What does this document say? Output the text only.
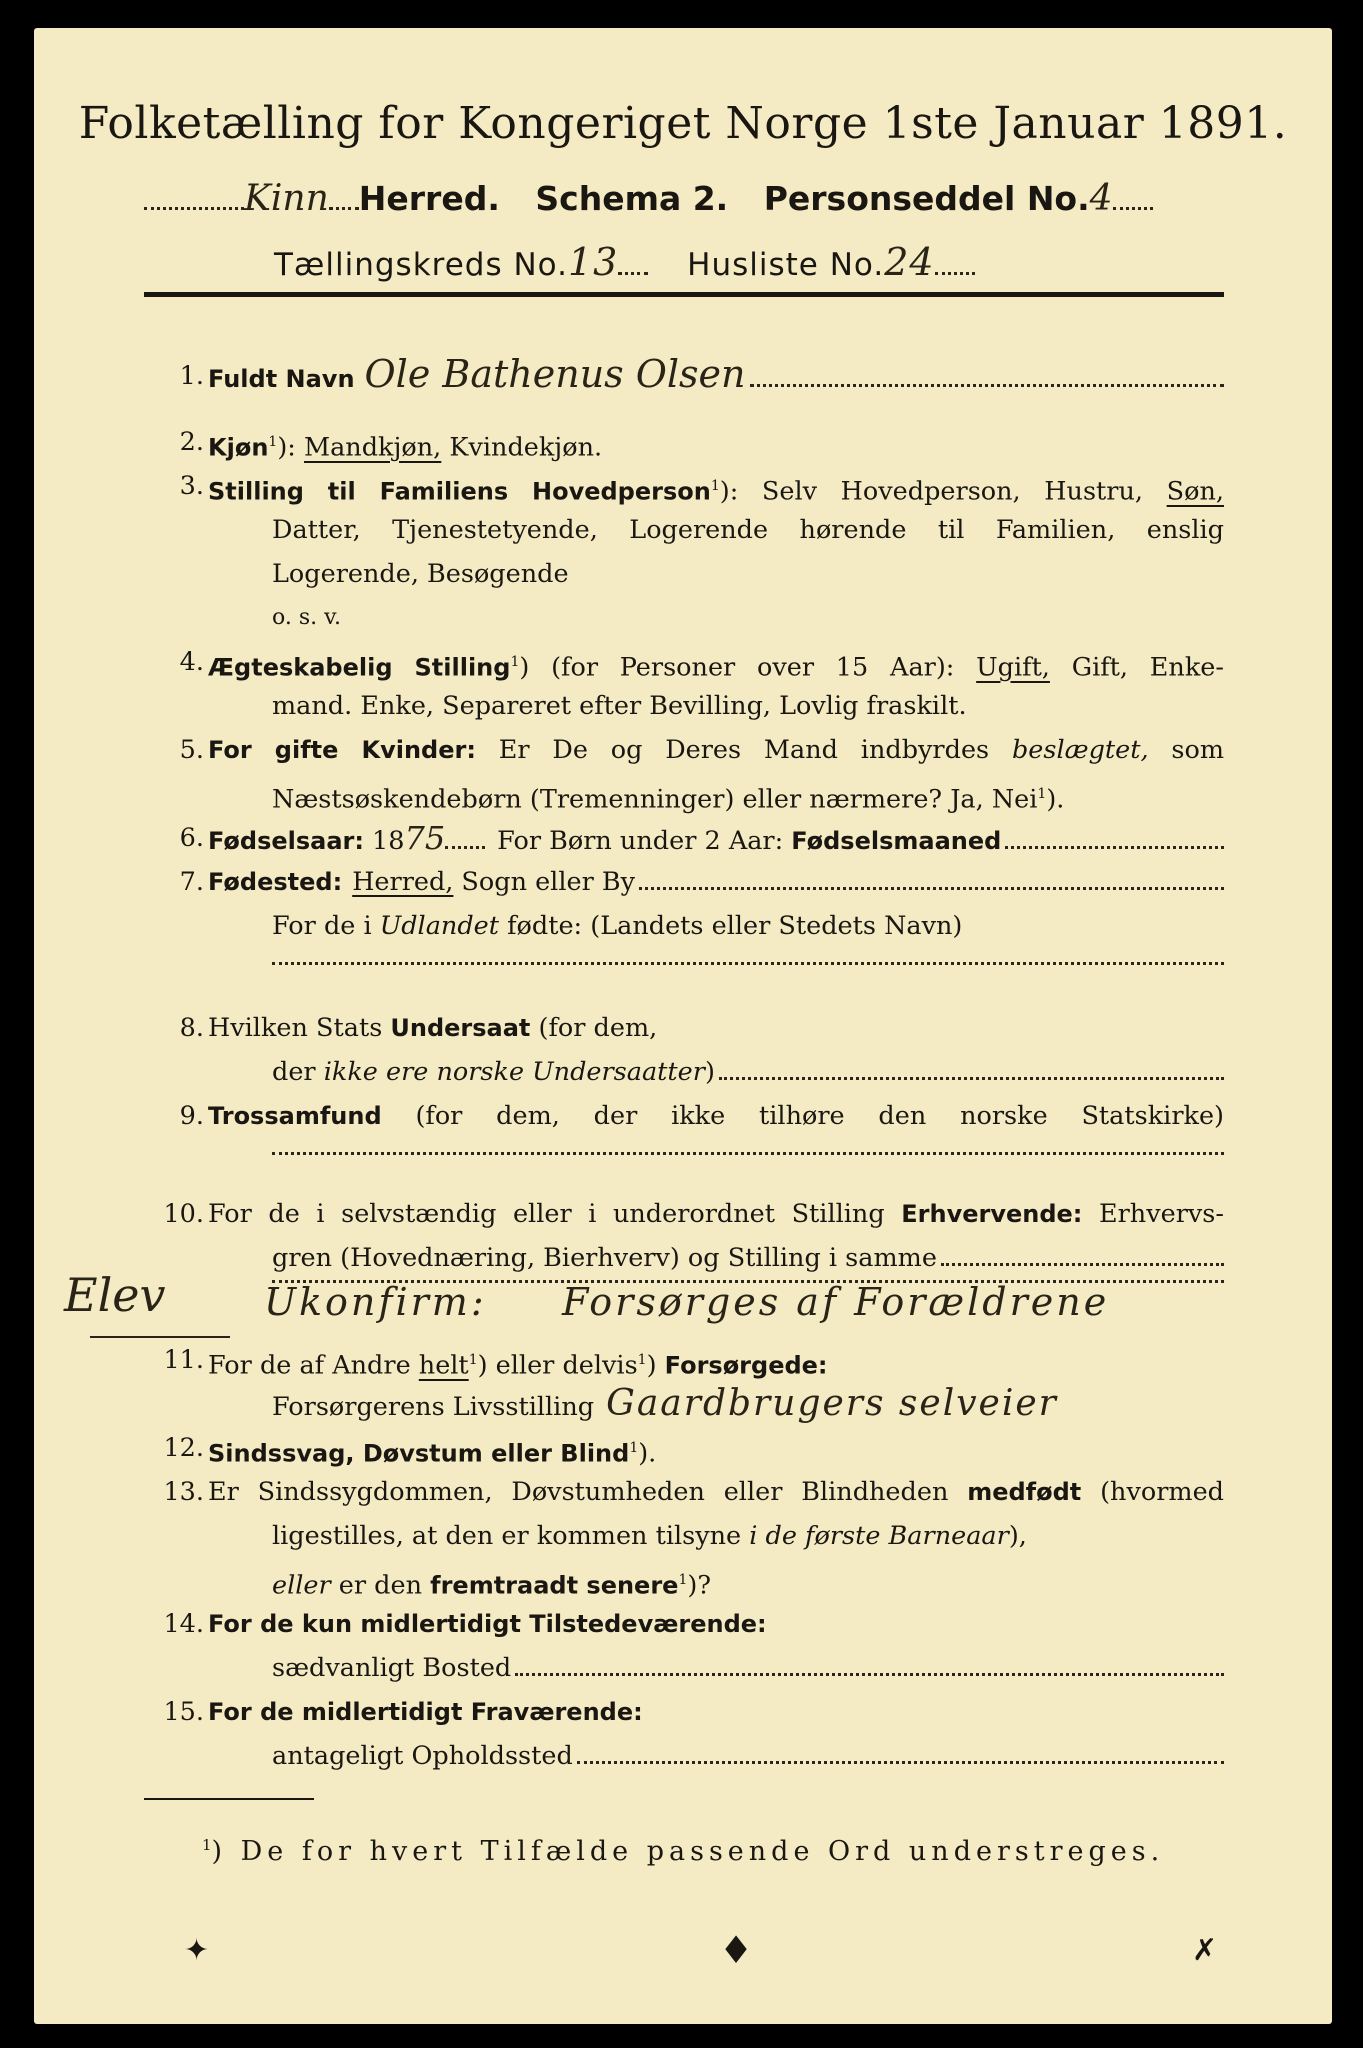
Folketælling for Kongeriget Norge 1ste Januar 1891.
Kinn Herred. Schema 2. Personseddel No.4
Tællingskreds No.13 Husliste No.24
1. Fuldt Navn Ole Bathenus Olsen
2. Kjøn$^1$): Mandkjøn, Kvindekjøn.
3. Stilling til Familiens Hovedperson$^1$): Selv Hovedperson, Hustru, Søn,
Datter, Tjenestetyende, Logerende hørende til Familien, enslig
Logerende, Besøgende
o. s. v.
4. Ægteskabelig Stilling$^1$) (for Personer over 15 Aar): Ugift, Gift, Enke-
mand. Enke, Separeret efter Bevilling, Lovlig fraskilt.
5. For gifte Kvinder: Er De og Deres Mand indbyrdes beslægtet, som
Næstsøskendebørn (Tremenninger) eller nærmere? Ja, Nei$^1$).
6. Fødselsaar: 18 75 For Børn under 2 Aar: Fødselsmaaned
7. Fødested: Herred, Sogn eller By
For de i Udlandet fødte: (Landets eller Stedets Navn)
8. Hvilken Stats Undersaat (for dem,
der
ikke ere norske Undersaatter )
9. Trossamfund (for dem, der ikke tilhøre den norske Statskirke)
10. For de i selvstændig eller i underordnet Stilling Erhvervende: Erhvervs-
gren (Hovednæring, Bierhverv) og Stilling i samme
Elev	Ukonfirm:     Forsørges af Forældrene
11. For de af Andre helt$^1$) eller delvis$^1$) Forsørgede:
Forsørgerens Livsstilling Gaardbrugers selveier
12. Sindssvag, Døvstum eller Blind$^1$).
13. Er Sindssygdommen, Døvstumheden eller Blindheden medfødt (hvormed
ligestilles, at den er kommen tilsyne i de første Barneaar),
eller er den fremtraadt senere$^1$)?
14. For de kun midlertidigt Tilstedeværende:
sædvanligt Bosted
15. For de midlertidigt Fraværende:
antageligt Opholdssted
$^1$) De for hvert Tilfælde passende Ord understreges.
✦	♦	✗
